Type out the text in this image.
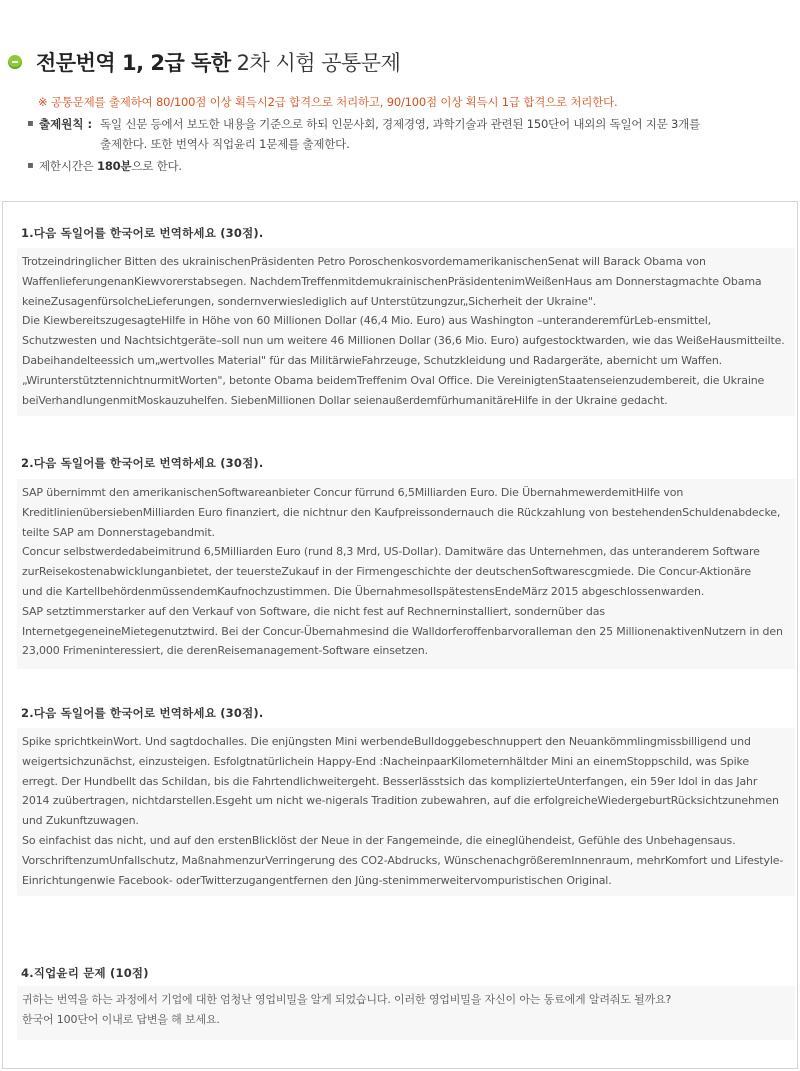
전문번역 1, 2급 독한 2차 시험 공통문제
※ 공통문제를 출제하여 80/100점 이상 획득시2급 합격으로 처리하고, 90/100점 이상 획득시 1급 합격으로 처리한다.
▪ 출제원칙 : 독일 신문 등에서 보도한 내용을 기준으로 하되 인문사회, 경제경영, 과학기술과 관련된 150단어 내외의 독일어 지문 3개를
출제한다. 또한 번역사 직업윤리 1문제를 출제한다.
▪ 제한시간은 180분으로 한다.
1.다음 독일어를 한국어로 번역하세요 (30점).
Trotzeindringlicher Bitten des ukrainischenPräsidenten Petro PoroschenkosvordemamerikanischenSenat will Barack Obama von
WaffenlieferungenanKiewvorerstabsegen. NachdemTreffenmitdemukrainischenPräsidentenimWeißenHaus am Donnerstagmachte Obama
keineZusagenfürsolcheLieferungen, sondernverwieslediglich auf Unterstützungzur„Sicherheit der Ukraine".
Die KiewbereitszugesagteHilfe in Höhe von 60 Millionen Dollar (46,4 Mio. Euro) aus Washington –unteranderemfürLeb-ensmittel,
Schutzwesten und Nachtsichtgeräte–soll nun um weitere 46 Millionen Dollar (36,6 Mio. Euro) aufgestocktwarden, wie das WeißeHausmitteilte.
Dabeihandelteessich um„wertvolles Material" für das MilitärwieFahrzeuge, Schutzkleidung und Radargeräte, abernicht um Waffen.
„WirunterstütztennichtnurmitWorten", betonte Obama beidemTreffenim Oval Office. Die VereinigtenStaatenseienzudembereit, die Ukraine
beiVerhandlungenmitMoskauzuhelfen. SiebenMillionen Dollar seienaußerdemfürhumanitäreHilfe in der Ukraine gedacht.
2.다음 독일어를 한국어로 번역하세요 (30점).
SAP übernimmt den amerikanischenSoftwareanbieter Concur fürrund 6,5Milliarden Euro. Die ÜbernahmewerdemitHilfe von
KreditlinienübersiebenMilliarden Euro finanziert, die nichtnur den Kaufpreissondernauch die Rückzahlung von bestehendenSchuldenabdecke,
teilte SAP am Donnerstagebandmit.
Concur selbstwerdedabeimitrund 6,5Milliarden Euro (rund 8,3 Mrd, US-Dollar). Damitwäre das Unternehmen, das unteranderem Software
zurReisekostenabwicklunganbietet, der teuersteZukauf in der Firmengeschichte der deutschenSoftwarescgmiede. Die Concur-Aktionäre
und die KartellbehördenmüssendemKaufnochzustimmen. Die ÜbernahmesolIspätestensEndeMärz 2015 abgeschlossenwarden.
SAP setztimmerstarker auf den Verkauf von Software, die nicht fest auf Rechnerninstalliert, sondernüber das
InternetgegeneineMietegenutztwird. Bei der Concur-Übernahmesind die Walldorferoffenbarvoralleman den 25 MillionenaktivenNutzern in den
23,000 Frimeninteressiert, die derenReisemanagement-Software einsetzen.
2.다음 독일어를 한국어로 번역하세요 (30점).
Spike sprichtkeinWort. Und sagtdochalles. Die enjüngsten Mini werbendeBulldoggebeschnuppert den Neuankömmlingmissbilligend und
weigertsichzunächst, einzusteigen. Esfolgtnatürlichein Happy-End :NacheinpaarKilometernhältder Mini an einemStoppschild, was Spike
erregt. Der Hundbellt das Schildan, bis die Fahrtendlichweitergeht. Besserlässtsich das komplizierteUnterfangen, ein 59er Idol in das Jahr
2014 zuübertragen, nichtdarstellen.Esgeht um nicht we-nigerals Tradition zubewahren, auf die erfolgreicheWiedergeburtRücksichtzunehmen
und Zukunftzuwagen.
So einfachist das nicht, und auf den erstenBlicklöst der Neue in der Fangemeinde, die eineglühendeist, Gefühle des Unbehagensaus.
VorschriftenzumUnfallschutz, MaßnahmenzurVerringerung des CO2-Abdrucks, WünschenachgrößeremInnenraum, mehrKomfort und Lifestyle-
Einrichtungenwie Facebook- oderTwitterzugangentfernen den Jüng-stenimmerweitervompuristischen Original.
4.직업윤리 문제 (10점)
귀하는 번역을 하는 과정에서 기업에 대한 엄청난 영업비밀을 알게 되었습니다. 이러한 영업비밀을 자신이 아는 동료에게 알려줘도 될까요?
한국어 100단어 이내로 답변을 해 보세요.
